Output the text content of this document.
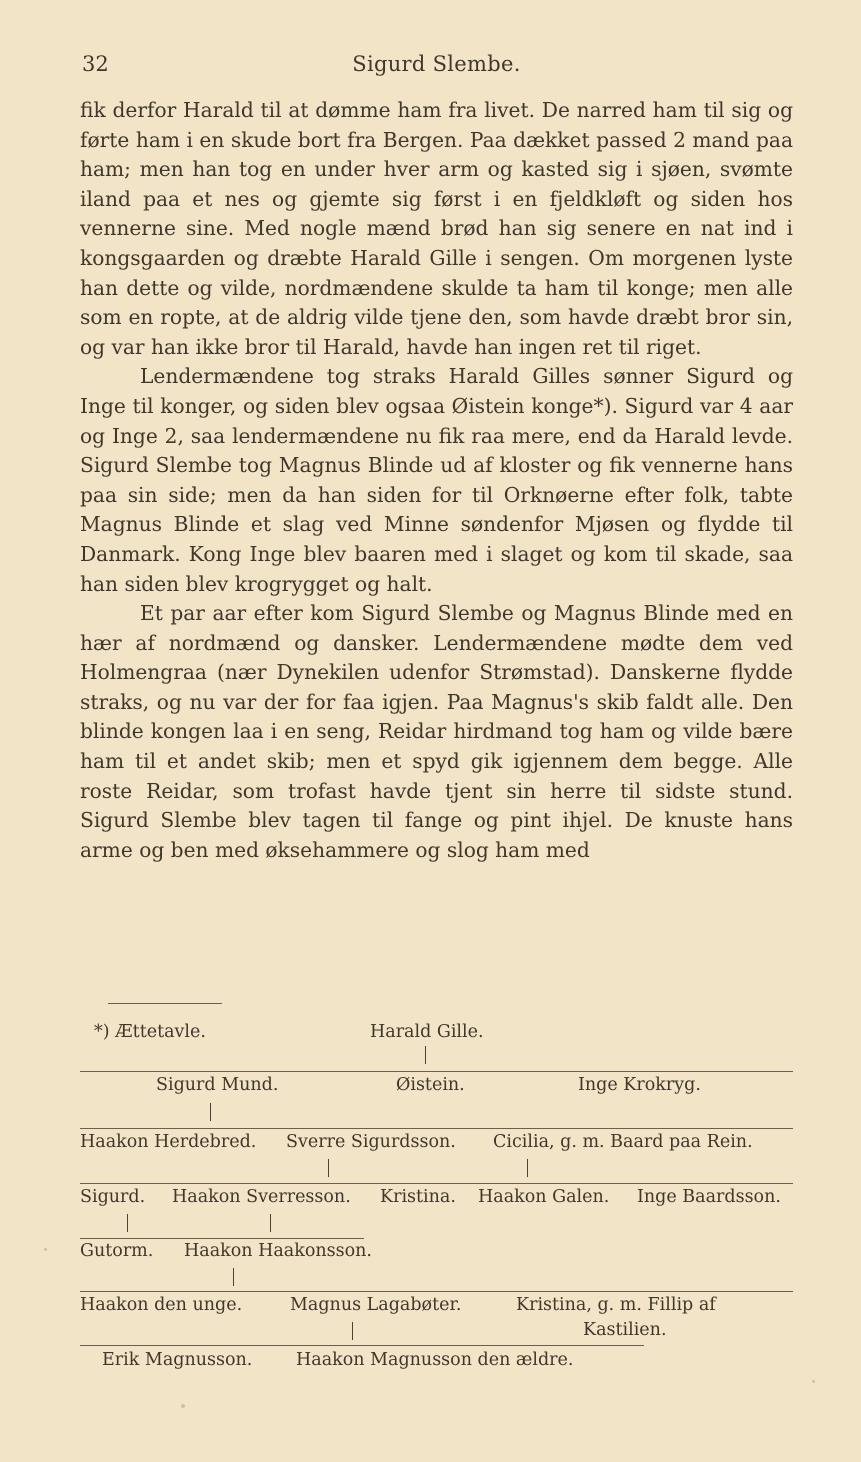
32	Sigurd Slembe.

fik derfor Harald til at dømme ham fra livet. De narred ham til sig og førte ham i en skude bort fra Bergen. Paa dækket passed 2 mand paa ham; men han tog en under hver arm og kasted sig i sjøen, svømte iland paa et nes og gjemte sig først i en fjeldkløft og siden hos vennerne sine. Med nogle mænd brød han sig senere en nat ind i kongsgaarden og dræbte Harald Gille i sengen. Om morgenen lyste han dette og vilde, nordmændene skulde ta ham til konge; men alle som en ropte, at de aldrig vilde tjene den, som havde dræbt bror sin, og var han ikke bror til Harald, havde han ingen ret til riget.

Lendermændene tog straks Harald Gilles sønner Sigurd og Inge til konger, og siden blev ogsaa Øistein konge*). Sigurd var 4 aar og Inge 2, saa lendermændene nu fik raa mere, end da Harald levde. Sigurd Slembe tog Magnus Blinde ud af kloster og fik vennerne hans paa sin side; men da han siden for til Orknøerne efter folk, tabte Magnus Blinde et slag ved Minne søndenfor Mjøsen og flydde til Danmark. Kong Inge blev baaren med i slaget og kom til skade, saa han siden blev krogrygget og halt.

Et par aar efter kom Sigurd Slembe og Magnus Blinde med en hær af nordmænd og dansker. Lendermændene mødte dem ved Holmengraa (nær Dynekilen udenfor Strømstad). Danskerne flydde straks, og nu var der for faa igjen. Paa Magnus's skib faldt alle. Den blinde kongen laa i en seng, Reidar hirdmand tog ham og vilde bære ham til et andet skib; men et spyd gik igjennem dem begge. Alle roste Reidar, som trofast havde tjent sin herre til sidste stund. Sigurd Slembe blev tagen til fange og pint ihjel. De knuste hans arme og ben med øksehammere og slog ham med

*) Ættetavle.	Harald Gille.
Sigurd Mund.	Øistein.	Inge Krokryg.
Haakon Herdebred. Sverre Sigurdsson. Cicilia, g. m. Baard paa Rein.
Sigurd. Haakon Sverresson. Kristina. Haakon Galen. Inge Baardsson.
Gutorm. Haakon Haakonsson.
Haakon den unge.	Magnus Lagabøter.	Kristina, g. m. Fillip af
Kastilien.
Erik Magnusson. Haakon Magnusson den ældre.
